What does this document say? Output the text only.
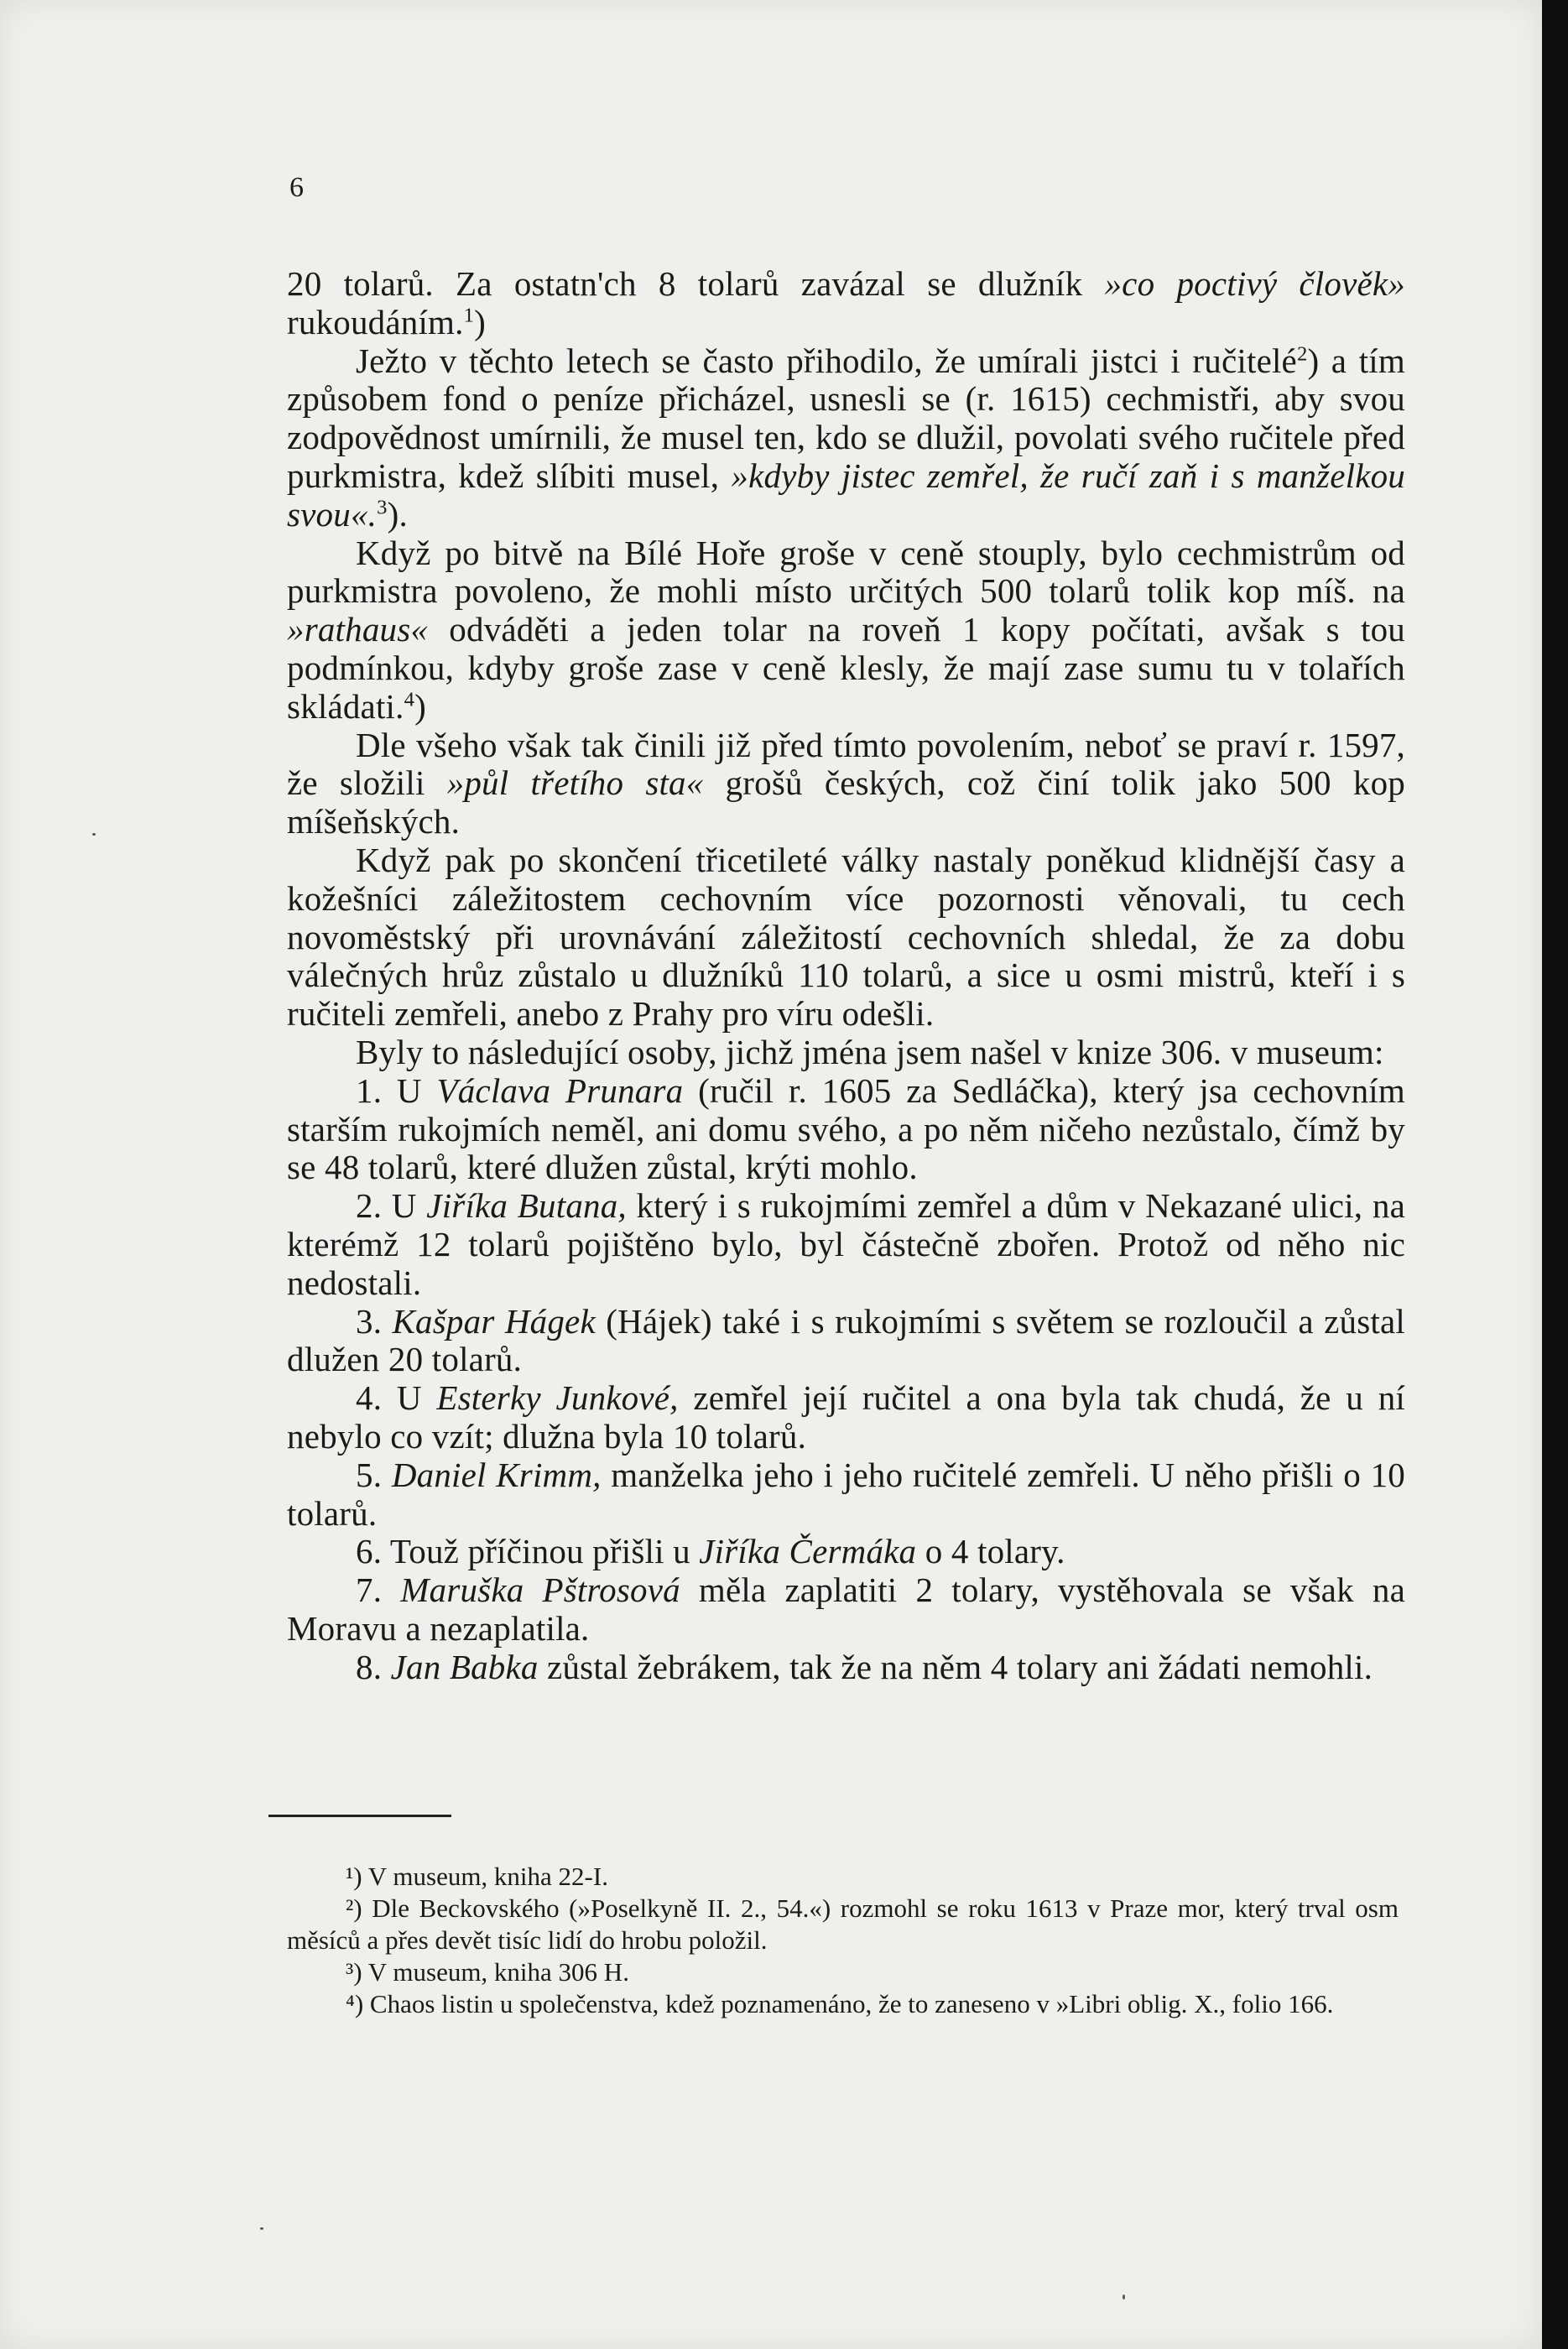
6

20 tolarů. Za ostatn'ch 8 tolarů zavázal se dlužník »co poctivý člověk» rukoudáním.$^1$)

Ježto v těchto letech se často přihodilo, že umírali jistci i ručitelé$^2$) a tím způsobem fond o peníze přicházel, usnesli se (r. 1615) cechmistři, aby svou zodpovědnost umírnili, že musel ten, kdo se dlužil, povolati svého ručitele před purkmistra, kdež slíbiti musel, »kdyby jistec zemřel, že ručí zaň i s manželkou svou«.$^3$).

Když po bitvě na Bílé Hoře groše v ceně stouply, bylo cechmistrům od purkmistra povoleno, že mohli místo určitých 500 tolarů tolik kop míš. na »rathaus« odváděti a jeden tolar na roveň 1 kopy počítati, avšak s tou podmínkou, kdyby groše zase v ceně klesly, že mají zase sumu tu v tolařích skládati.$^4$)

Dle všeho však tak činili již před tímto povolením, neboť se praví r. 1597, že složili »půl třetího sta« grošů českých, což činí tolik jako 500 kop míšeňských.

Když pak po skončení třicetileté války nastaly poněkud klidnější časy a kožešníci záležitostem cechovním více pozornosti věnovali, tu cech novoměstský při urovnávání záležitostí cechovních shledal, že za dobu válečných hrůz zůstalo u dlužníků 110 tolarů, a sice u osmi mistrů, kteří i s ručiteli zemřeli, anebo z Prahy pro víru odešli.

Byly to následující osoby, jichž jména jsem našel v knize 306. v museum:

1. U Václava Prunara (ručil r. 1605 za Sedláčka), který jsa cechovním starším rukojmích neměl, ani domu svého, a po něm ničeho nezůstalo, čímž by se 48 tolarů, které dlužen zůstal, krýti mohlo.

2. U Jiříka Butana, který i s rukojmími zemřel a dům v Nekazané ulici, na kterémž 12 tolarů pojištěno bylo, byl částečně zbořen. Protož od něho nic nedostali.

3. Kašpar Hágek (Hájek) také i s rukojmími s světem se rozloučil a zůstal dlužen 20 tolarů.

4. U Esterky Junkové, zemřel její ručitel a ona byla tak chudá, že u ní nebylo co vzít; dlužna byla 10 tolarů.

5. Daniel Krimm, manželka jeho i jeho ručitelé zemřeli. U něho přišli o 10 tolarů.

6. Touž příčinou přišli u Jiříka Čermáka o 4 tolary.

7. Maruška Pštrosová měla zaplatiti 2 tolary, vystěhovala se však na Moravu a nezaplatila.

8. Jan Babka zůstal žebrákem, tak že na něm 4 tolary ani žádati nemohli.

¹) V museum, kniha 22-I.

²) Dle Beckovského (»Poselkyně II. 2., 54.«) rozmohl se roku 1613 v Praze mor, který trval osm měsíců a přes devět tisíc lidí do hrobu položil.

³) V museum, kniha 306 H.

⁴) Chaos listin u společenstva, kdež poznamenáno, že to zaneseno v »Libri oblig. X., folio 166.
